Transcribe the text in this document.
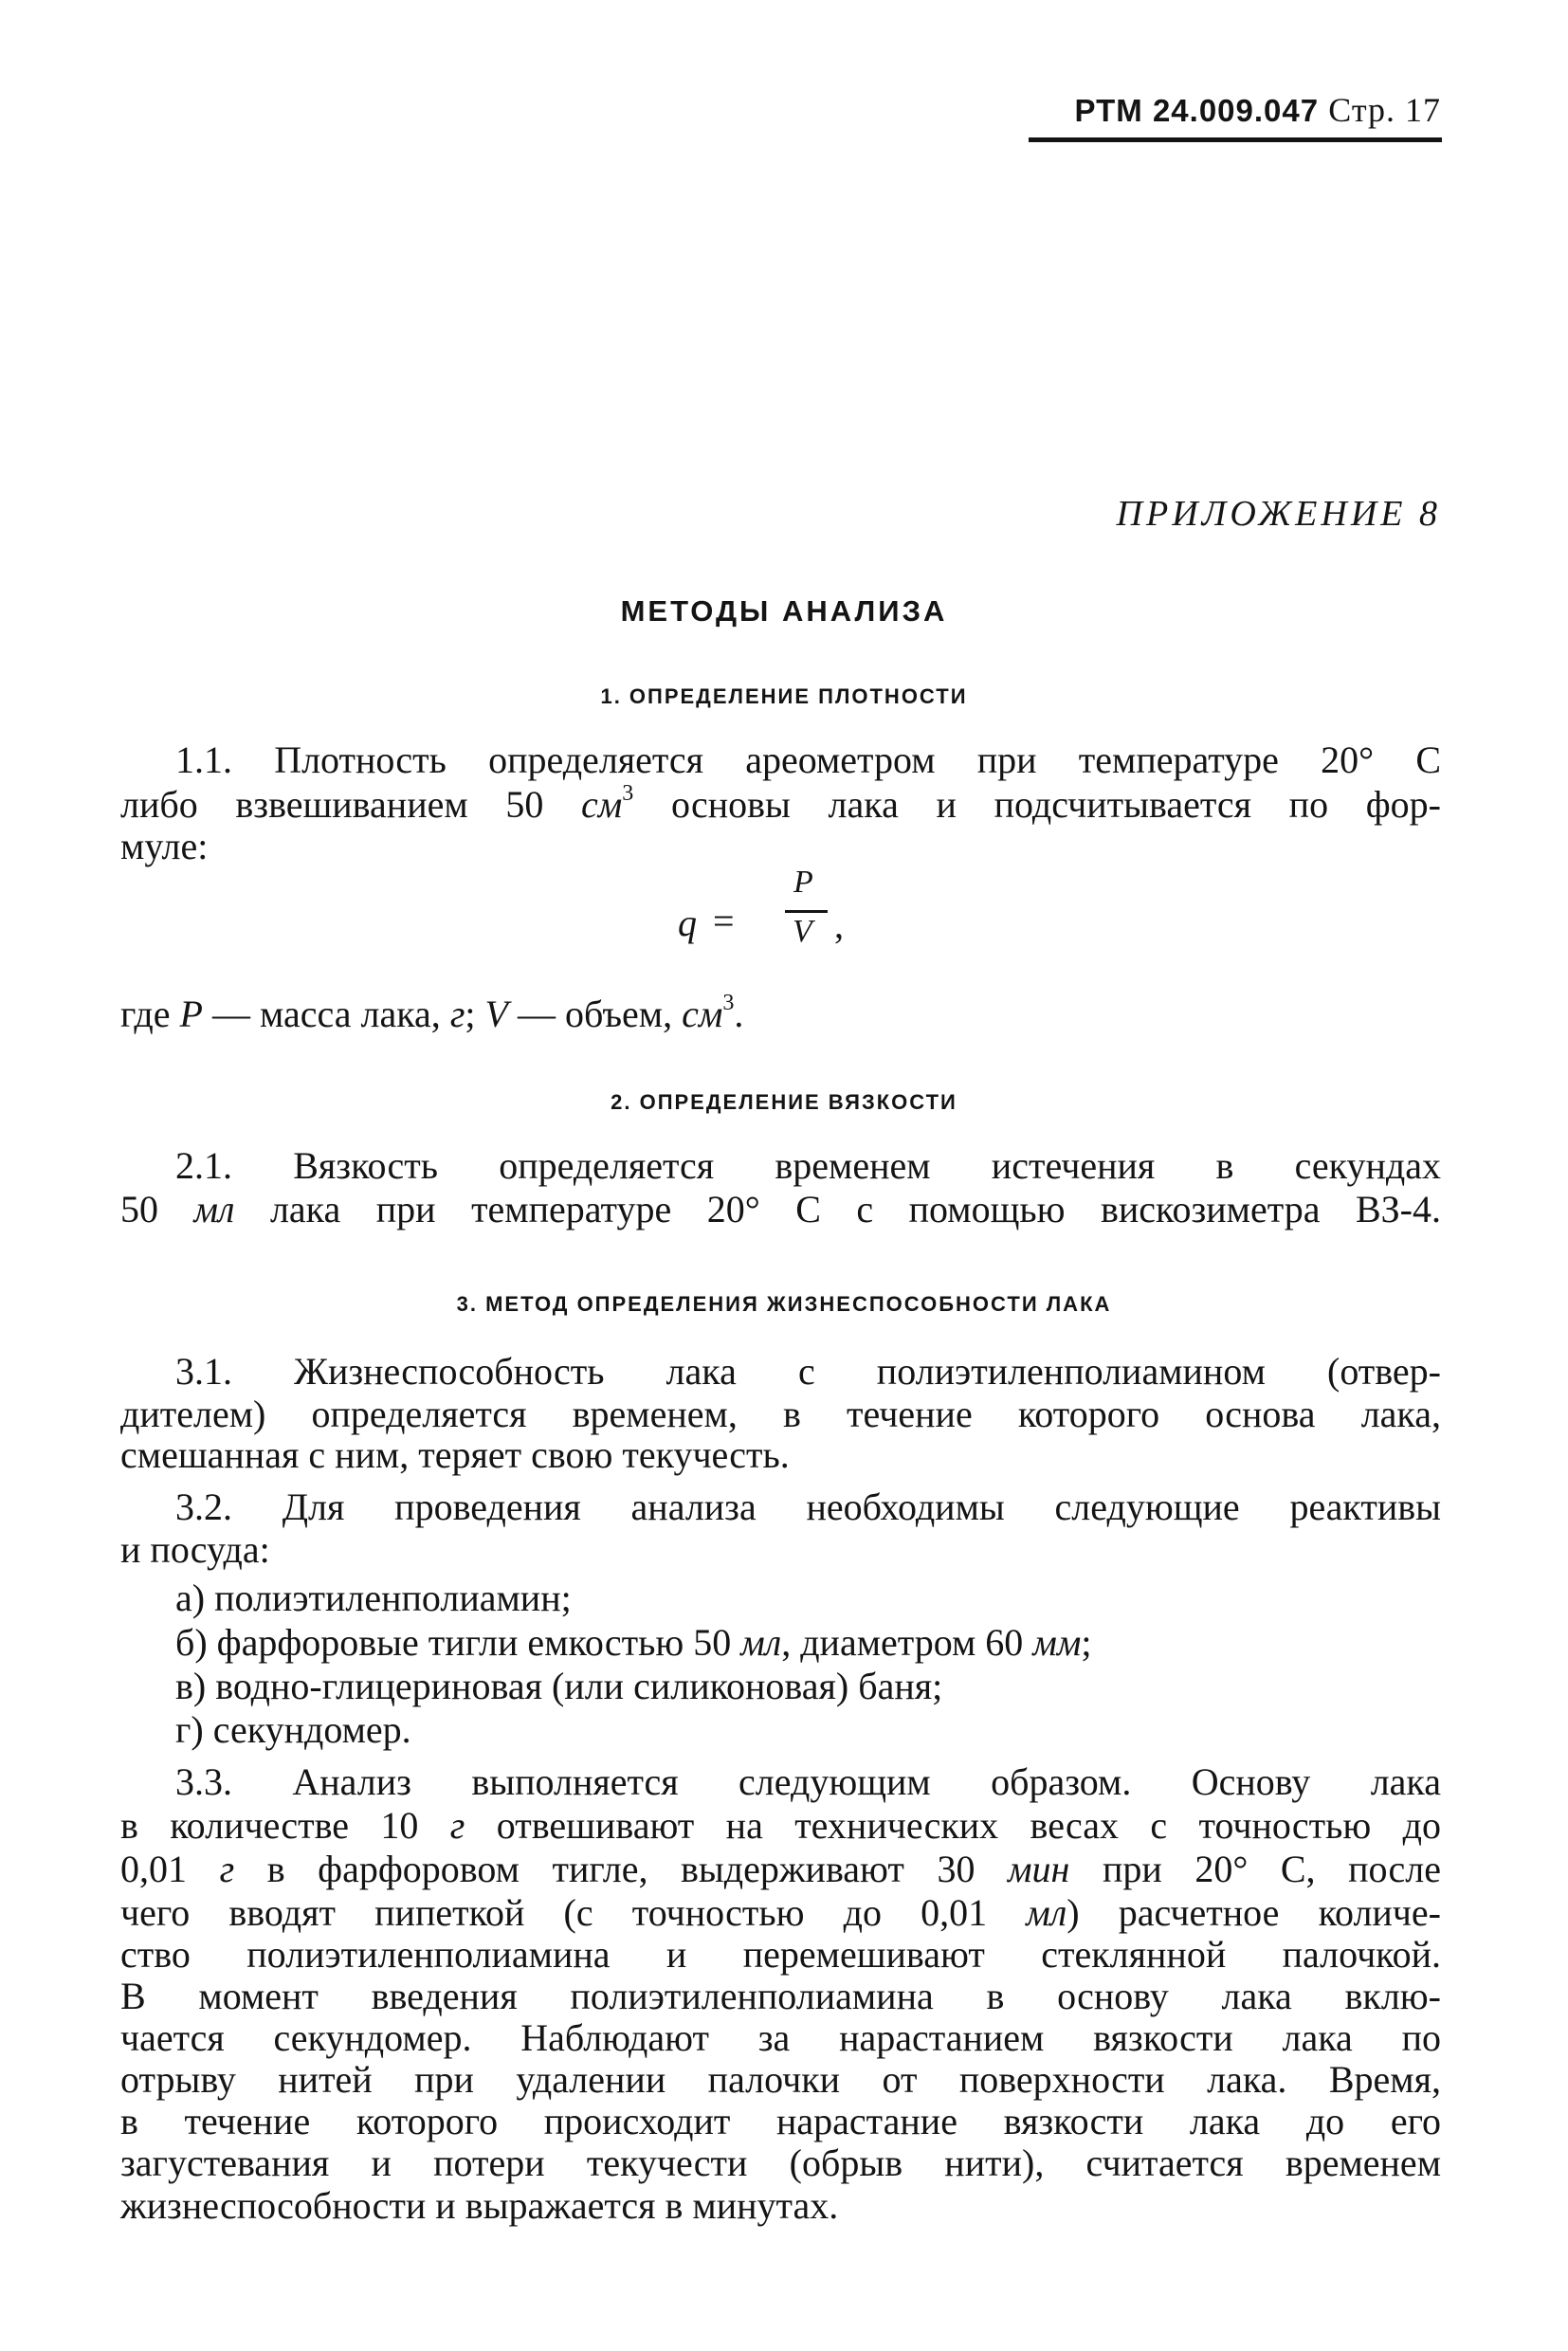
РТМ 24.009.047 Стр. 17
ПРИЛОЖЕНИЕ 8
МЕТОДЫ АНАЛИЗА
1. ОПРЕДЕЛЕНИЕ ПЛОТНОСТИ
1.1. Плотность определяется ареометром при температуре 20° С
либо взвешиванием 50 $см^3$ основы лака и подсчитывается по фор-
муле:
q =
P
V ,
где P — масса лака, г; V — объем, $см^3$.
2. ОПРЕДЕЛЕНИЕ ВЯЗКОСТИ
2.1. Вязкость определяется временем истечения в секундах
50 мл лака при температуре 20° С с помощью вискозиметра ВЗ-4.
3. МЕТОД ОПРЕДЕЛЕНИЯ ЖИЗНЕСПОСОБНОСТИ ЛАКА
3.1. Жизнеспособность лака с полиэтиленполиамином (отвер-
дителем) определяется временем, в течение которого основа лака,
смешанная с ним, теряет свою текучесть.
3.2. Для проведения анализа необходимы следующие реактивы
и посуда:
а) полиэтиленполиамин;
б) фарфоровые тигли емкостью 50 мл, диаметром 60 мм;
в) водно-глицериновая (или силиконовая) баня;
г) секундомер.
3.3. Анализ выполняется следующим образом. Основу лака
в количестве 10 г отвешивают на технических весах с точностью до
0,01 г в фарфоровом тигле, выдерживают 30 мин при 20° С, после
чего вводят пипеткой (с точностью до 0,01 мл) расчетное количе-
ство полиэтиленполиамина и перемешивают стеклянной палочкой.
В момент введения полиэтиленполиамина в основу лака вклю-
чается секундомер. Наблюдают за нарастанием вязкости лака по
отрыву нитей при удалении палочки от поверхности лака. Время,
в течение которого происходит нарастание вязкости лака до его
загустевания и потери текучести (обрыв нити), считается временем
жизнеспособности и выражается в минутах.
